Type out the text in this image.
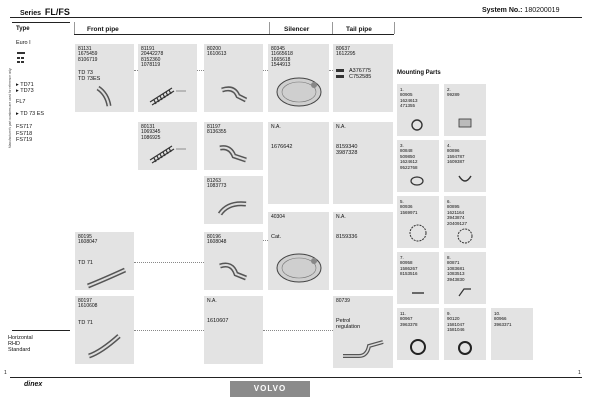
Series FL/FS	System No.: 180200019
Front pipe	Silencer	Tail pipe
Manufacturer's part numbers are used for reference only
Type
Euro I
▸ TD71
▸ TD73
FL7
▸ TD 73 ES
FS717
FS718
FS719
Horizontal
RHD
Standard
81131
1675459
8106719
TD 73
TD 73ES
81191
20442278
8152360
1078119
80195
1608047
TD 71
80197
1610608
TD 71
80131
1069345
1086925
80200
1610613
81197
8136355
81263
1083773
80196
1608048
N.A.
1610607
80345
11665618
1665618
1544913
N.A.
1676642
40304
Cat.
80637
1612295
A376775
C752585
N.A.
8159340
3987328
N.A.
8159336
80739
Petrol
regulation
Mounting Parts
1.
80905
1624613
471355
2.
99289
3.
80848
509850
1624612
9522768
4.
80896
1594787
1609387
5.
80936
1569971
6.
80895
1621164
3943874
20409127
7.
80958
1586267
8153516
8.
80871
1083681
1083513
3943830
11.
80967
3963378
9.
90120
1581047
1581046
10.
80966
3963371
1	1
dinex	VOLVO
